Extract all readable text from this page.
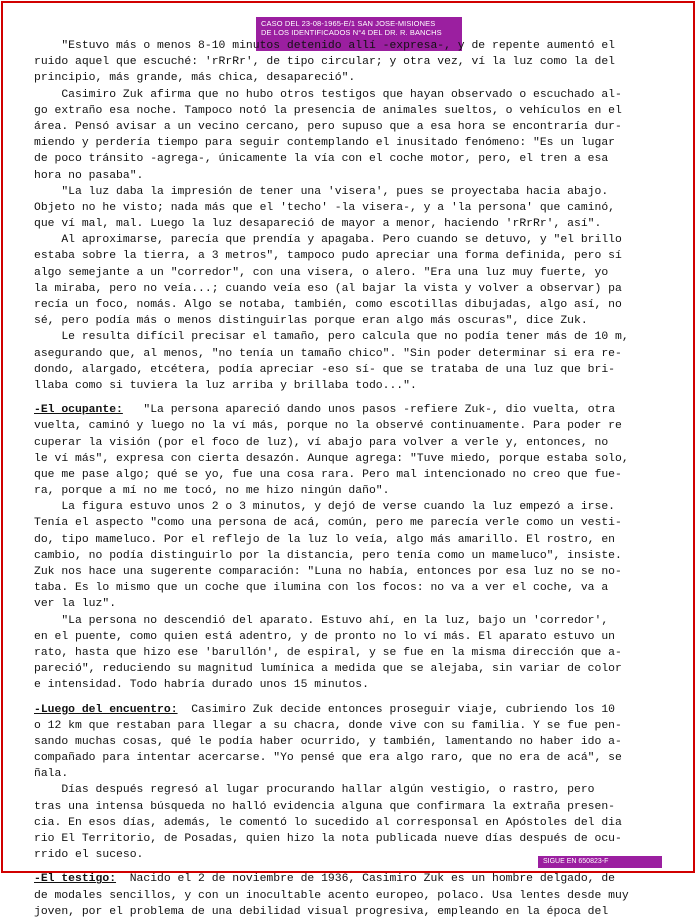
CASO DEL 23-08-1965-E/1 SAN JOSE-MISIONES
DE LOS IDENTIFICADOS N°4 DEL DR. R. BANCHS
"Estuvo más o menos 8-10 minutos detenido allí -expresa-, y de repente aumentó el
ruido aquel que escuché: 'rRrRr', de tipo circular; y otra vez, ví la luz como la del
principio, más grande, más chica, desapareció".
Casimiro Zuk afirma que no hubo otros testigos que hayan observado o escuchado al-
go extraño esa noche. Tampoco notó la presencia de animales sueltos, o vehículos en el
área. Pensó avisar a un vecino cercano, pero supuso que a esa hora se encontraría dur-
miendo y perdería tiempo para seguir contemplando el inusitado fenómeno: "Es un lugar
de poco tránsito -agrega-, únicamente la vía con el coche motor, pero, el tren a esa
hora no pasaba".
"La luz daba la impresión de tener una 'visera', pues se proyectaba hacia abajo.
Objeto no he visto; nada más que el 'techo' -la visera-, y a 'la persona' que caminó,
que ví mal, mal. Luego la luz desapareció de mayor a menor, haciendo 'rRrRr', así".
Al aproximarse, parecía que prendía y apagaba. Pero cuando se detuvo, y "el brillo
estaba sobre la tierra, a 3 metros", tampoco pudo apreciar una forma definida, pero sí
algo semejante a un "corredor", con una visera, o alero. "Era una luz muy fuerte, yo
la miraba, pero no veía...; cuando veía eso (al bajar la vista y volver a observar) pa
recía un foco, nomás. Algo se notaba, también, como escotillas dibujadas, algo así, no
sé, pero podía más o menos distinguirlas porque eran algo más oscuras", dice Zuk.
Le resulta difícil precisar el tamaño, pero calcula que no podía tener más de 10 m,
asegurando que, al menos, "no tenía un tamaño chico". "Sin poder determinar si era re-
dondo, alargado, etcétera, podía apreciar -eso sí- que se trataba de una luz que bri-
llaba como si tuviera la luz arriba y brillaba todo...".
-El ocupante:   "La persona apareció dando unos pasos -refiere Zuk-, dio vuelta, otra
vuelta, caminó y luego no la ví más, porque no la observé continuamente. Para poder re
cuperar la visión (por el foco de luz), ví abajo para volver a verle y, entonces, no
le ví más", expresa con cierta desazón. Aunque agrega: "Tuve miedo, porque estaba solo,
que me pase algo; qué se yo, fue una cosa rara. Pero mal intencionado no creo que fue-
ra, porque a mí no me tocó, no me hizo ningún daño".
La figura estuvo unos 2 o 3 minutos, y dejó de verse cuando la luz empezó a irse.
Tenía el aspecto "como una persona de acá, común, pero me parecía verle como un vesti-
do, tipo mameluco. Por el reflejo de la luz lo veía, algo más amarillo. El rostro, en
cambio, no podía distinguirlo por la distancia, pero tenía como un mameluco", insiste.
Zuk nos hace una sugerente comparación: "Luna no había, entonces por esa luz no se no-
taba. Es lo mismo que un coche que ilumina con los focos: no va a ver el coche, va a
ver la luz".
"La persona no descendió del aparato. Estuvo ahí, en la luz, bajo un 'corredor',
en el puente, como quien está adentro, y de pronto no lo ví más. El aparato estuvo un
rato, hasta que hizo ese 'barullón', de espiral, y se fue en la misma dirección que a-
pareció", reduciendo su magnitud lumínica a medida que se alejaba, sin variar de color
e intensidad. Todo habría durado unos 15 minutos.
-Luego del encuentro:  Casimiro Zuk decide entonces proseguir viaje, cubriendo los 10
o 12 km que restaban para llegar a su chacra, donde vive con su familia. Y se fue pen-
sando muchas cosas, qué le podía haber ocurrido, y también, lamentando no haber ido a-
compañado para intentar acercarse. "Yo pensé que era algo raro, que no era de acá", se
ñala.
Días después regresó al lugar procurando hallar algún vestigio, o rastro, pero
tras una intensa búsqueda no halló evidencia alguna que confirmara la extraña presen-
cia. En esos días, además, le comentó lo sucedido al corresponsal en Apóstoles del dia
rio El Territorio, de Posadas, quien hizo la nota publicada nueve días después de ocu-
rrido el suceso.
-El testigo:  Nacido el 2 de noviembre de 1936, Casimiro Zuk es un hombre delgado, de
de modales sencillos, y con un inocultable acento europeo, polaco. Usa lentes desde muy
joven, por el problema de una debilidad visual progresiva, empleando en la época del
SIGUE EN 650823-F
